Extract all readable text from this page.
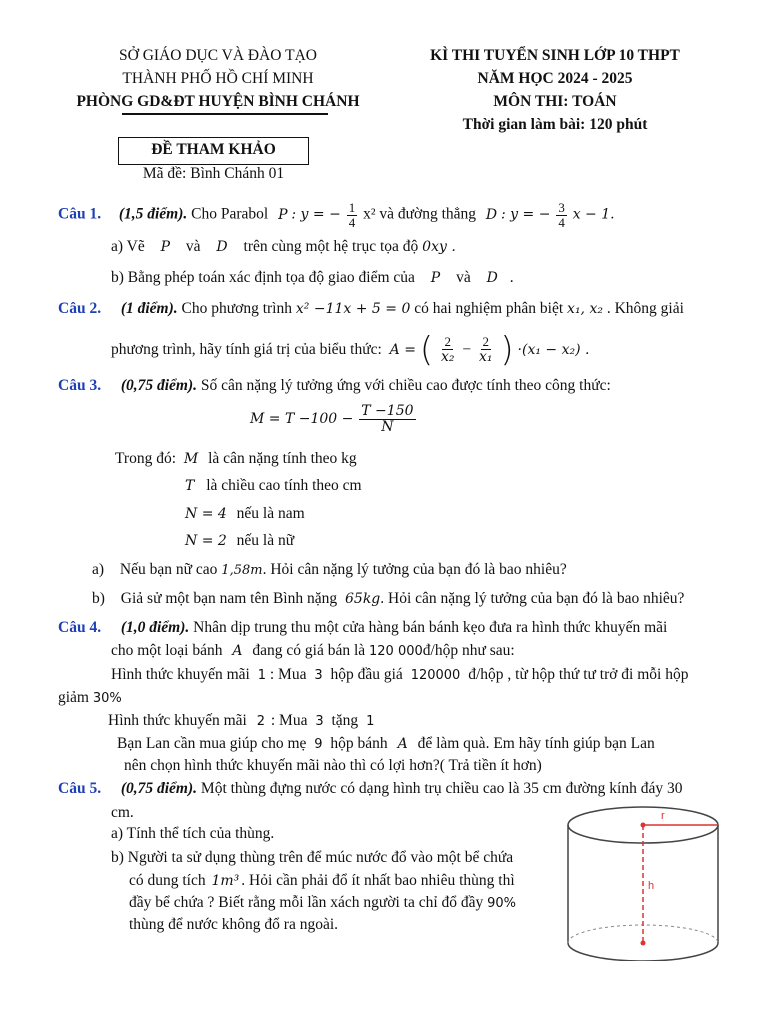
SỞ GIÁO DỤC VÀ ĐÀO TẠO
THÀNH PHỐ HỒ CHÍ MINH
PHÒNG GD&ĐT HUYỆN BÌNH CHÁNH
KÌ THI TUYỂN SINH LỚP 10 THPT
NĂM HỌC 2024 - 2025
MÔN THI: TOÁN
Thời gian làm bài: 120 phút
ĐỀ THAM KHẢO
Mã đề: Bình Chánh 01
Câu 1. (1,5 điểm). Cho Parabol P : y = − $\frac{1}{4} x^2$ và đường thẳng D : y = − $\frac{3}{4}$ x − 1.
a) Vẽ P và D trên cùng một hệ trục tọa độ 0xy .
b) Bằng phép toán xác định tọa độ giao điểm của P và D .
Câu 2. (1 điểm). Cho phương trình x² −11x + 5 = 0 có hai nghiệm phân biệt x₁, x₂ . Không giải
phương trình, hãy tính giá trị của biểu thức: A = ( $\frac{2}{\text{x₂}} - \frac{2}{\text{x₁}}$ ) ·(x₁ − x₂) .
Câu 3. (0,75 điểm). Số cân nặng lý tưởng ứng với chiều cao được tính theo công thức:
$M = T -100 - \frac{T -150}{N}$
Trong đó: M là cân nặng tính theo kg
T là chiều cao tính theo cm
N = 4 nếu là nam
N = 2 nếu là nữ
a) Nếu bạn nữ cao 1,58m. Hỏi cân nặng lý tưởng của bạn đó là bao nhiêu?
b) Giả sử một bạn nam tên Bình nặng 65kg. Hỏi cân nặng lý tưởng của bạn đó là bao nhiêu?
Câu 4. (1,0 điểm). Nhân dịp trung thu một cửa hàng bán bánh kẹo đưa ra hình thức khuyến mãi
cho một loại bánh A đang có giá bán là 120 000đ/hộp như sau:
Hình thức khuyến mãi 1 : Mua 3 hộp đầu giá 120000 đ/hộp , từ hộp thứ tư trở đi mỗi hộp
giảm 30%
Hình thức khuyến mãi 2 : Mua 3 tặng 1
Bạn Lan cần mua giúp cho mẹ 9 hộp bánh A để làm quà. Em hãy tính giúp bạn Lan
nên chọn hình thức khuyến mãi nào thì có lợi hơn?( Trả tiền ít hơn)
Câu 5. (0,75 điểm). Một thùng đựng nước có dạng hình trụ chiều cao là 35 cm đường kính đáy 30
cm.
a) Tính thể tích của thùng.
b) Người ta sử dụng thùng trên để múc nước đổ vào một bể chứa
có dung tích 1m³ . Hỏi cần phải đổ ít nhất bao nhiêu thùng thì
đầy bể chứa ? Biết rằng mỗi lần xách người ta chỉ đổ đầy 90%
thùng để nước không đổ ra ngoài.
r
h
